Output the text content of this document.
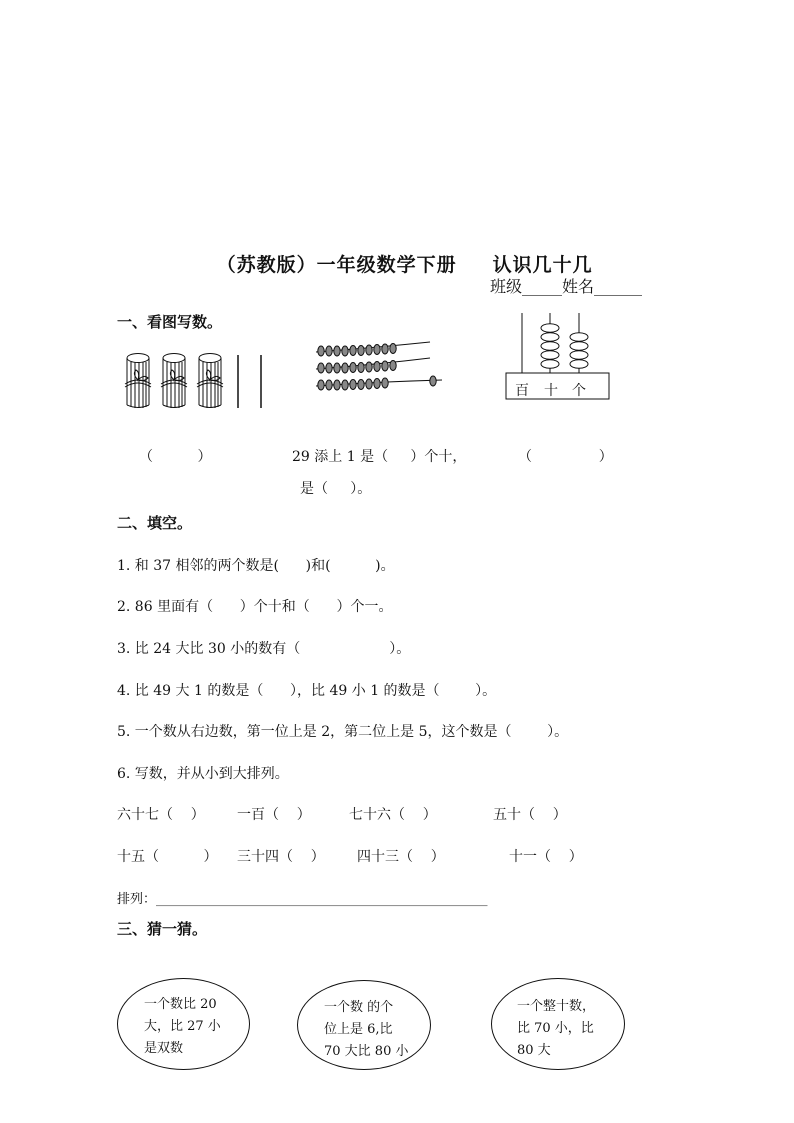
（苏教版）一年级数学下册 认识几十几

班级_____姓名______
一、看图写数。
百 十 个
（          ）	29 添上 1 是（     ）个十，
是（     ）。
（               ）
二、填空。
1. 和 37 相邻的两个数是(      )和(          )。
2. 86 里面有（      ）个十和（      ）个一。
3. 比 24 大比 30 小的数有（                    ）。
4. 比 49 大 1 的数是（      ），比 49 小 1 的数是（        ）。
5. 一个数从右边数，第一位上是 2，第二位上是 5，这个数是（        ）。
6. 写数，并从小到大排列。
六十七（    ） 一百（    ）	七十六（    ）	五十（    ）
十五（          ） 三十四（    ） 四十三（    ）	十一（    ）
排列：___________________________________________________
三、猜一猜。
一个数比 20
大，比 27 小
是双数
一个数 的个
位上是 6,比
70 大比 80 小
一个整十数，
比 70 小，比
80 大
